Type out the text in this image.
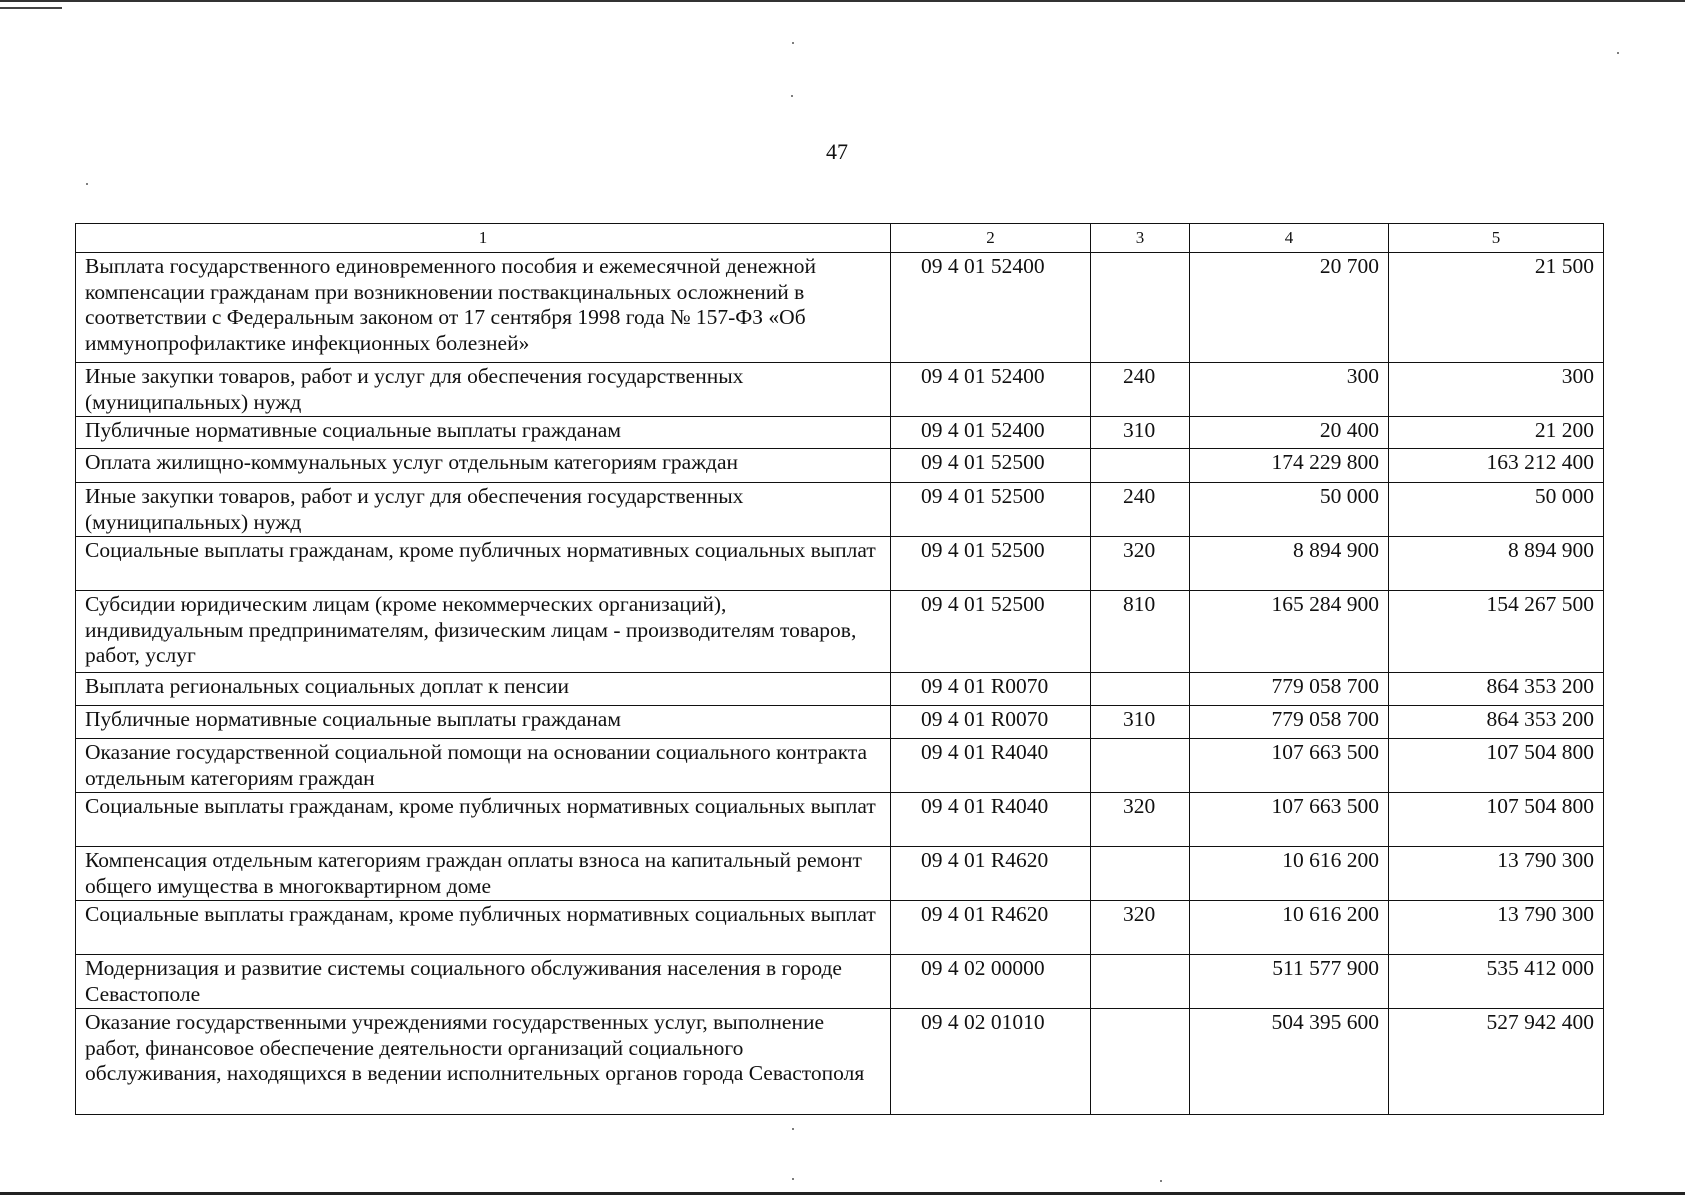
47
1	2	3	4	5
Выплата государственного единовременного пособия и ежемесячной денежной компенсации гражданам при возникновении поствакцинальных осложнений в соответствии с Федеральным законом от 17 сентября 1998 года № 157-ФЗ «Об иммунопрофилактике инфекционных болезней»	09 4 01 52400		20 700	21 500
Иные закупки товаров, работ и услуг для обеспечения государственных (муниципальных) нужд	09 4 01 52400	240	300	300
Публичные нормативные социальные выплаты гражданам	09 4 01 52400	310	20 400	21 200
Оплата жилищно-коммунальных услуг отдельным категориям граждан	09 4 01 52500		174 229 800	163 212 400
Иные закупки товаров, работ и услуг для обеспечения государственных (муниципальных) нужд	09 4 01 52500	240	50 000	50 000
Социальные выплаты гражданам, кроме публичных нормативных социальных выплат	09 4 01 52500	320	8 894 900	8 894 900
Субсидии юридическим лицам (кроме некоммерческих организаций), индивидуальным предпринимателям, физическим лицам - производителям товаров, работ, услуг	09 4 01 52500	810	165 284 900	154 267 500
Выплата региональных социальных доплат к пенсии	09 4 01 R0070		779 058 700	864 353 200
Публичные нормативные социальные выплаты гражданам	09 4 01 R0070	310	779 058 700	864 353 200
Оказание государственной социальной помощи на основании социального контракта отдельным категориям граждан	09 4 01 R4040		107 663 500	107 504 800
Социальные выплаты гражданам, кроме публичных нормативных социальных выплат	09 4 01 R4040	320	107 663 500	107 504 800
Компенсация отдельным категориям граждан оплаты взноса на капитальный ремонт общего имущества в многоквартирном доме	09 4 01 R4620		10 616 200	13 790 300
Социальные выплаты гражданам, кроме публичных нормативных социальных выплат	09 4 01 R4620	320	10 616 200	13 790 300
Модернизация и развитие системы социального обслуживания населения в городе Севастополе	09 4 02 00000		511 577 900	535 412 000
Оказание государственными учреждениями государственных услуг, выполнение работ, финансовое обеспечение деятельности организаций социального обслуживания, находящихся в ведении исполнительных органов города Севастополя	09 4 02 01010		504 395 600	527 942 400
